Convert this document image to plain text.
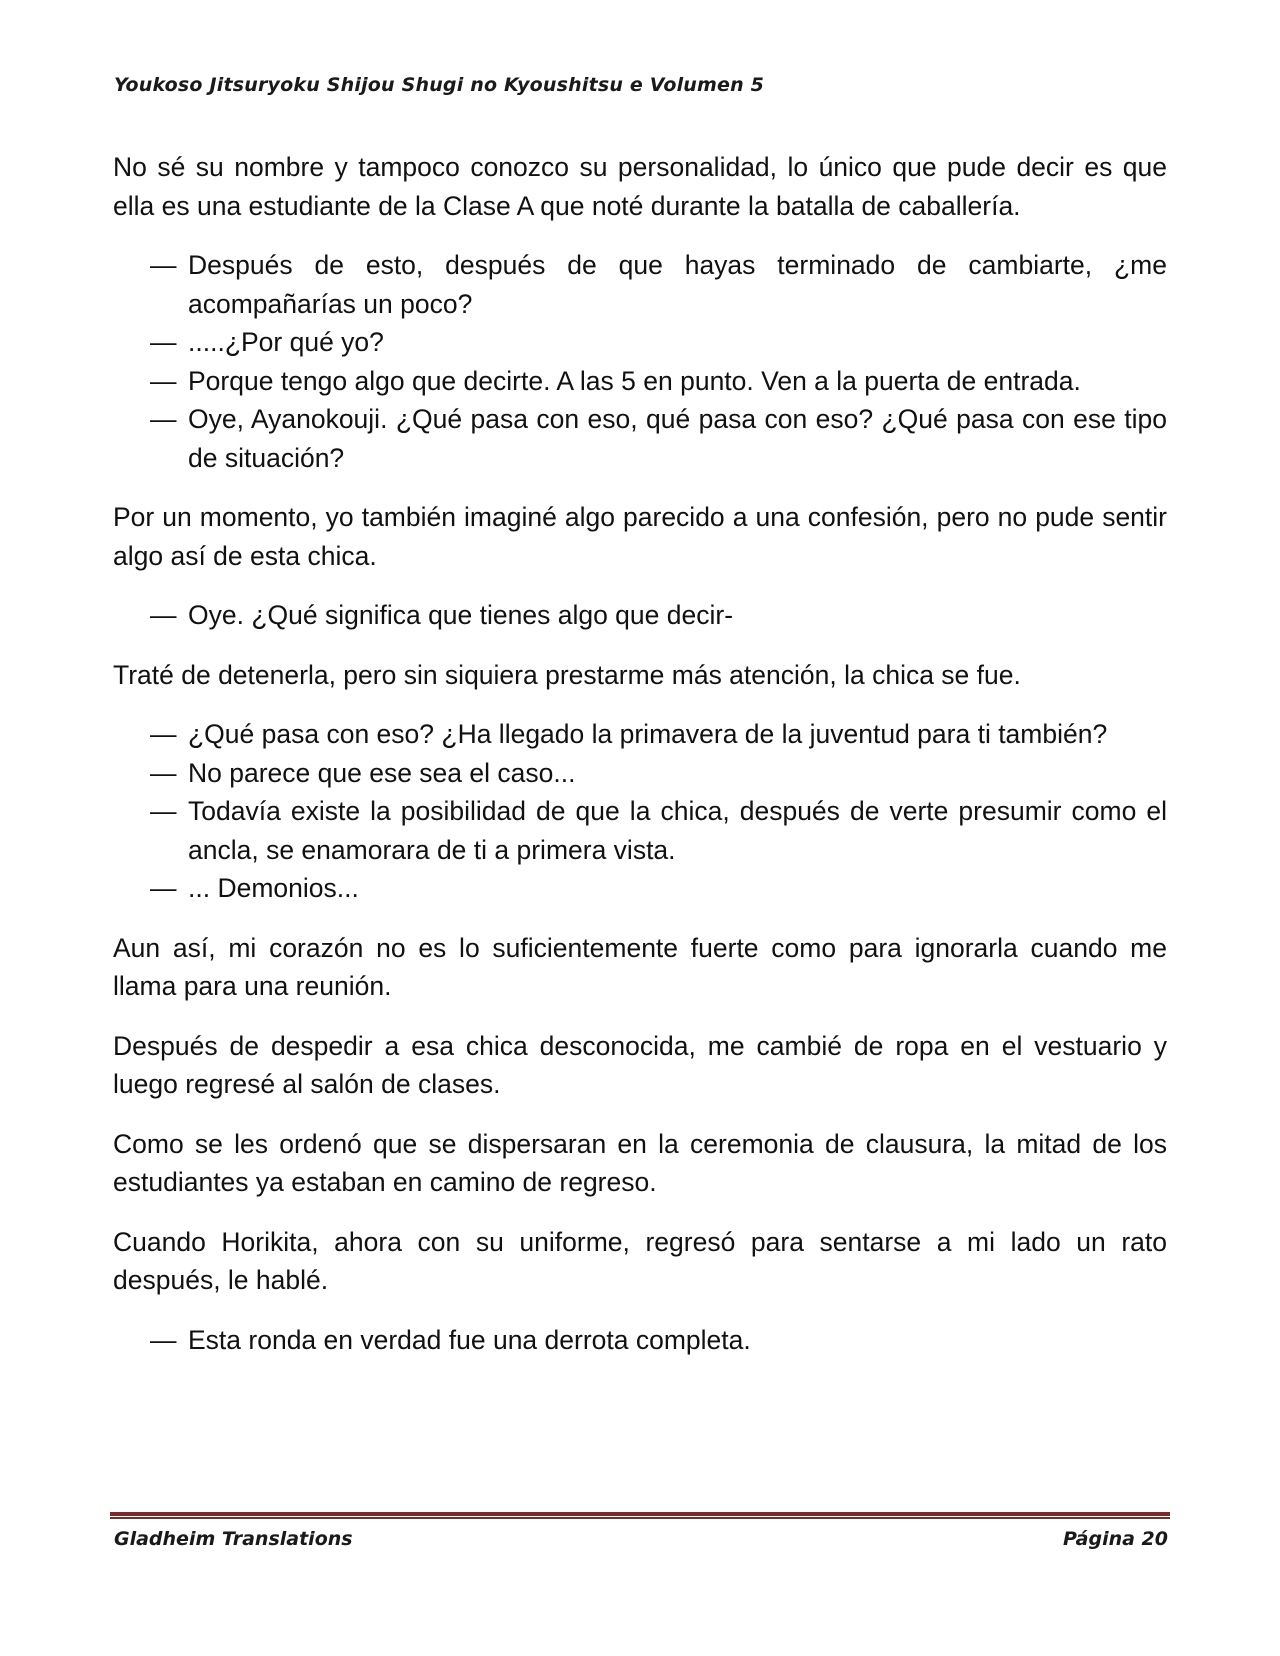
Youkoso Jitsuryoku Shijou Shugi no Kyoushitsu e Volumen 5

No sé su nombre y tampoco conozco su personalidad, lo único que pude decir es que ella es una estudiante de la Clase A que noté durante la batalla de caballería.

— Después de esto, después de que hayas terminado de cambiarte, ¿me acompañarías un poco?
— .....¿Por qué yo?
— Porque tengo algo que decirte. A las 5 en punto. Ven a la puerta de entrada.
— Oye, Ayanokouji. ¿Qué pasa con eso, qué pasa con eso? ¿Qué pasa con ese tipo de situación?

Por un momento, yo también imaginé algo parecido a una confesión, pero no pude sentir algo así de esta chica.

— Oye. ¿Qué significa que tienes algo que decir-

Traté de detenerla, pero sin siquiera prestarme más atención, la chica se fue.

— ¿Qué pasa con eso? ¿Ha llegado la primavera de la juventud para ti también?
— No parece que ese sea el caso...
— Todavía existe la posibilidad de que la chica, después de verte presumir como el ancla, se enamorara de ti a primera vista.
— ... Demonios...

Aun así, mi corazón no es lo suficientemente fuerte como para ignorarla cuando me llama para una reunión.

Después de despedir a esa chica desconocida, me cambié de ropa en el vestuario y luego regresé al salón de clases.

Como se les ordenó que se dispersaran en la ceremonia de clausura, la mitad de los estudiantes ya estaban en camino de regreso.

Cuando Horikita, ahora con su uniforme, regresó para sentarse a mi lado un rato después, le hablé.

— Esta ronda en verdad fue una derrota completa.
Gladheim Translations	Página 20
